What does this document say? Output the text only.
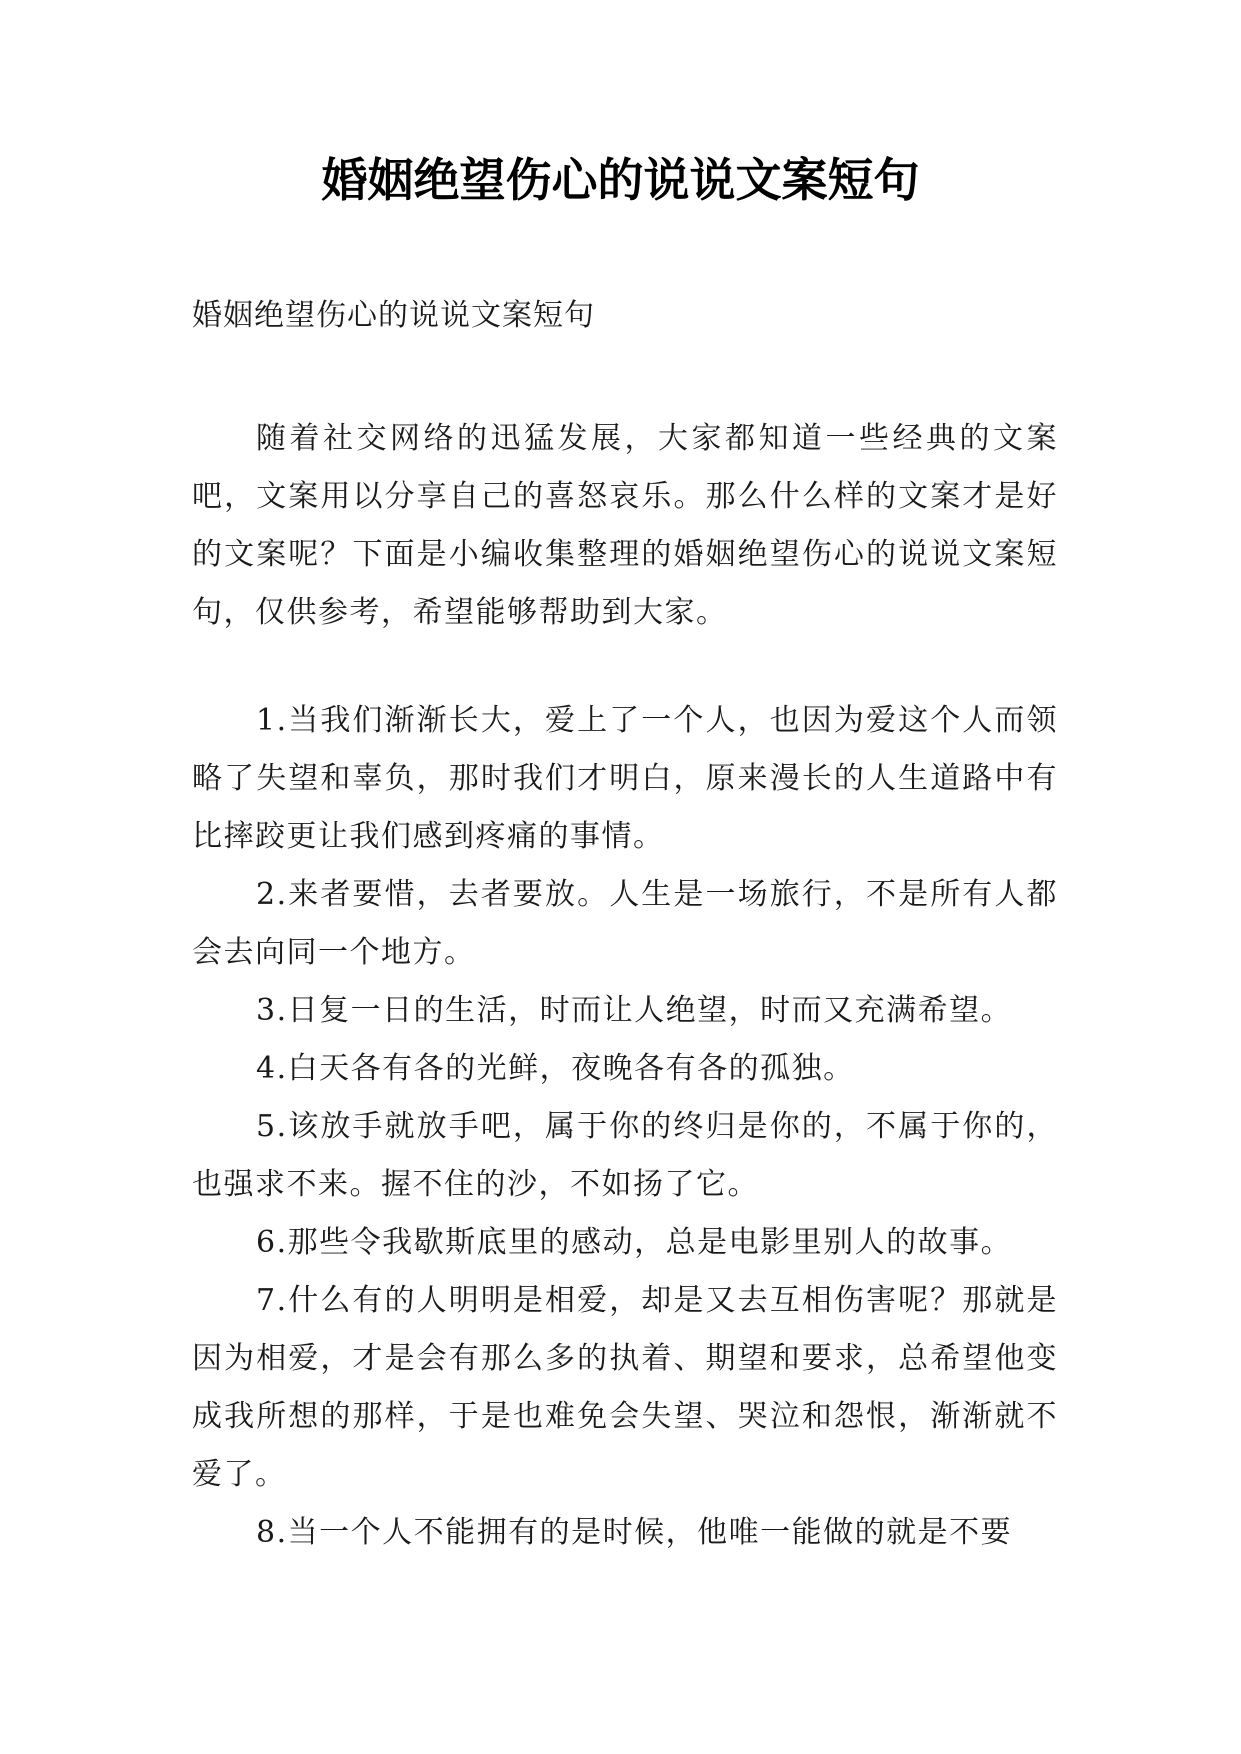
婚姻绝望伤心的说说文案短句

婚姻绝望伤心的说说文案短句

随着社交网络的迅猛发展，大家都知道一些经典的文案吧，文案用以分享自己的喜怒哀乐。那么什么样的文案才是好的文案呢？下面是小编收集整理的婚姻绝望伤心的说说文案短句，仅供参考，希望能够帮助到大家。

1.当我们渐渐长大，爱上了一个人，也因为爱这个人而领略了失望和辜负，那时我们才明白，原来漫长的人生道路中有比摔跤更让我们感到疼痛的事情。

2.来者要惜，去者要放。人生是一场旅行，不是所有人都会去向同一个地方。

3.日复一日的生活，时而让人绝望，时而又充满希望。

4.白天各有各的光鲜，夜晚各有各的孤独。

5.该放手就放手吧，属于你的终归是你的，不属于你的，也强求不来。握不住的沙，不如扬了它。

6.那些令我歇斯底里的感动，总是电影里别人的故事。

7.什么有的人明明是相爱，却是又去互相伤害呢？那就是因为相爱，才是会有那么多的执着、期望和要求，总希望他变成我所想的那样，于是也难免会失望、哭泣和怨恨，渐渐就不爱了。

8.当一个人不能拥有的是时候，他唯一能做的就是不要
